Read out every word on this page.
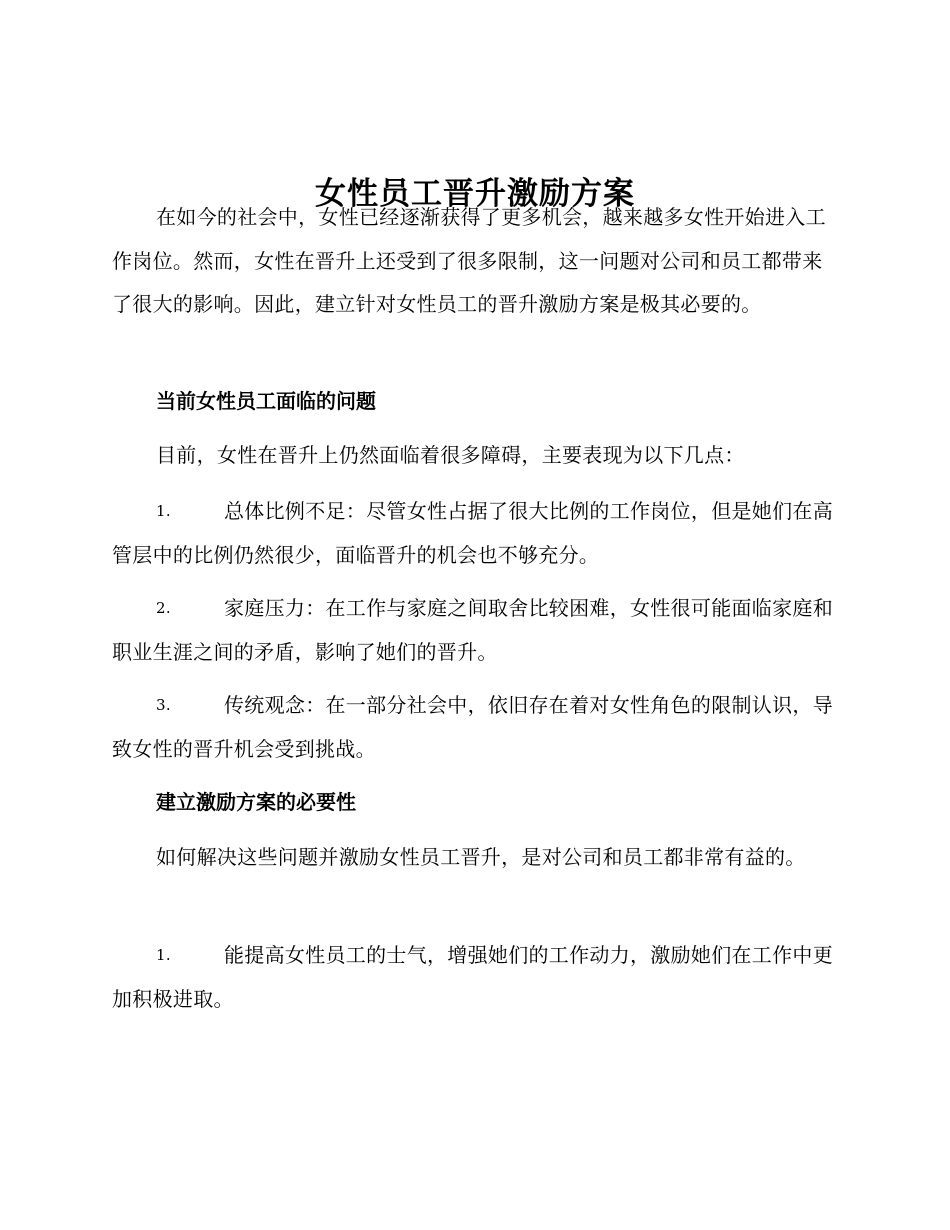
女性员工晋升激励方案

在如今的社会中，女性已经逐渐获得了更多机会，越来越多女性开始进入工作岗位。然而，女性在晋升上还受到了很多限制，这一问题对公司和员工都带来了很大的影响。因此，建立针对女性员工的晋升激励方案是极其必要的。

当前女性员工面临的问题

目前，女性在晋升上仍然面临着很多障碍，主要表现为以下几点：

1.	总体比例不足：尽管女性占据了很大比例的工作岗位，但是她们在高管层中的比例仍然很少，面临晋升的机会也不够充分。
2.	家庭压力：在工作与家庭之间取舍比较困难，女性很可能面临家庭和职业生涯之间的矛盾，影响了她们的晋升。
3.	传统观念：在一部分社会中，依旧存在着对女性角色的限制认识，导致女性的晋升机会受到挑战。
建立激励方案的必要性

如何解决这些问题并激励女性员工晋升，是对公司和员工都非常有益的。

1.	能提高女性员工的士气，增强她们的工作动力，激励她们在工作中更加积极进取。
